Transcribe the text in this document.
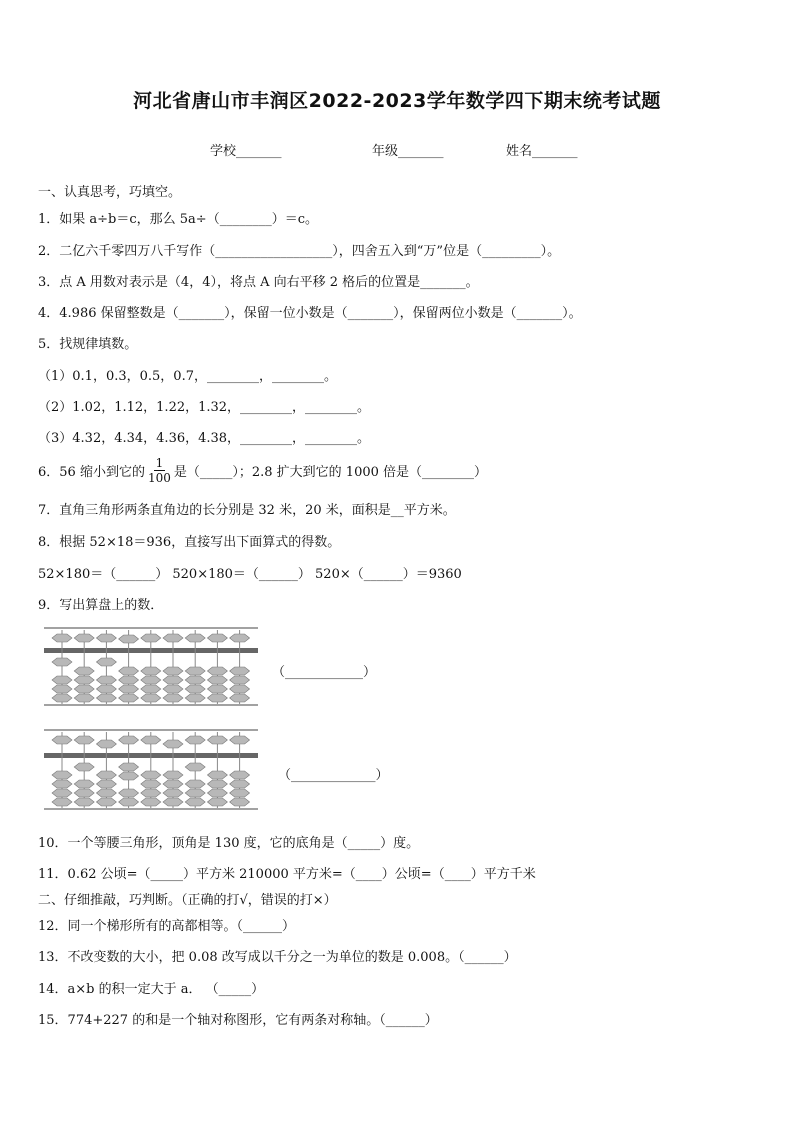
河北省唐山市丰润区2022-2023学年数学四下期末统考试题
学校_______	年级_______	姓名_______
一、认真思考，巧填空。
1．如果 a÷b＝c，那么 5a÷（________）＝c。
2．二亿六千零四万八千写作（__________________），四舍五入到“万”位是（_________）。
3．点 A 用数对表示是（4，4），将点 A 向右平移 2 格后的位置是_______。
4．4.986 保留整数是（_______），保留一位小数是（_______），保留两位小数是（_______）。
5．找规律填数。
（1）0.1，0.3，0.5，0.7，________，________。
（2）1.02，1.12，1.22，1.32，________，________。
（3）4.32，4.34，4.36，4.38，________，________。
6．56 缩小到它的 $\frac{1}{100}$ 是（_____）；2.8 扩大到它的 1000 倍是（________）
7．直角三角形两条直角边的长分别是 32 米，20 米，面积是__平方米。
8．根据 52×18＝936，直接写出下面算式的得数。
52×180＝（______） 520×180＝（______） 520×（______）＝9360
9．写出算盘上的数．
（____________）
（_____________）
10．一个等腰三角形，顶角是 130 度，它的底角是（_____）度。
11．0.62 公顷=（_____）平方米 210000 平方米=（____）公顷=（____）平方千米
二、仔细推敲，巧判断。（正确的打√，错误的打×）
12．同一个梯形所有的高都相等。（______）
13．不改变数的大小，把 0.08 改写成以千分之一为单位的数是 0.008。（______）
14．a×b 的积一定大于 a． （_____）
15．774+227 的和是一个轴对称图形，它有两条对称轴。（______）
